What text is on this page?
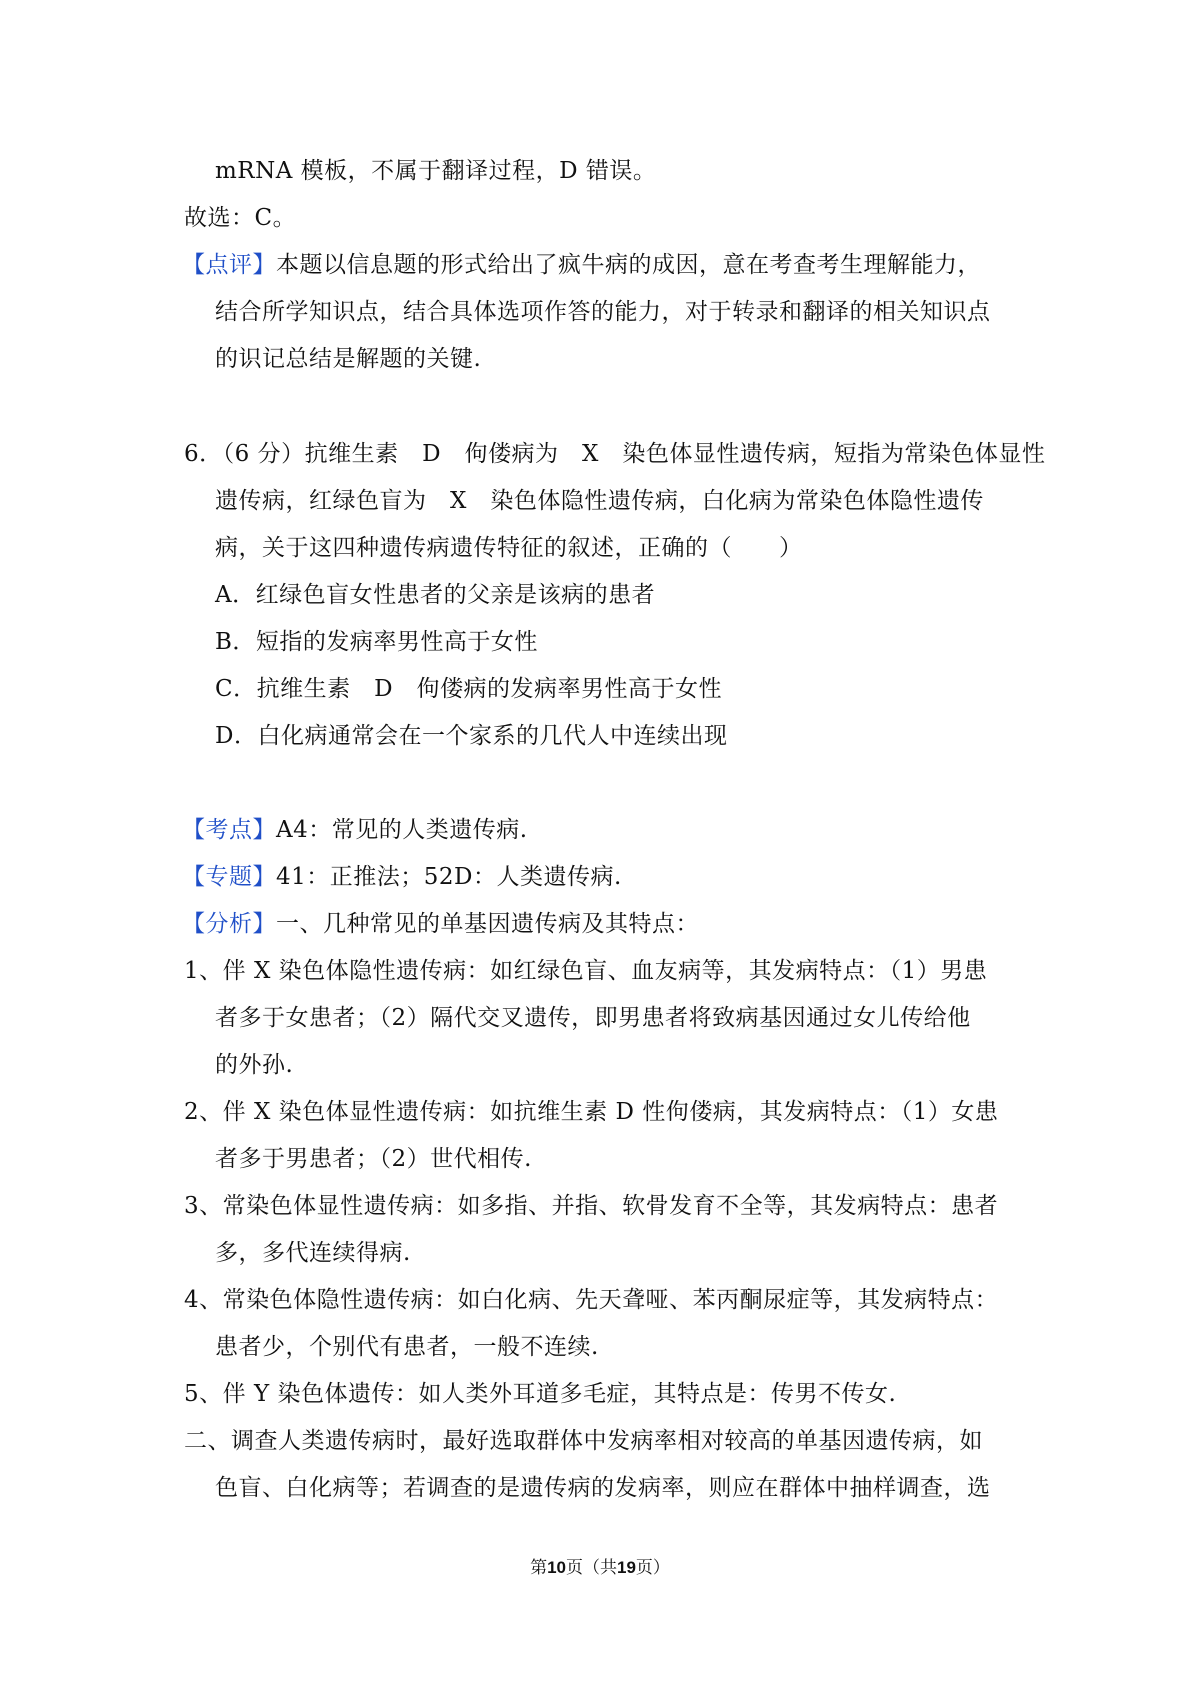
mRNA 模板，不属于翻译过程，D 错误。
故选：C。
【点评】本题以信息题的形式给出了疯牛病的成因，意在考查考生理解能力，
结合所学知识点，结合具体选项作答的能力，对于转录和翻译的相关知识点
的识记总结是解题的关键.
6．（6 分）抗维生素　D　佝偻病为　X　染色体显性遗传病，短指为常染色体显性
遗传病，红绿色盲为　X　染色体隐性遗传病，白化病为常染色体隐性遗传
病，关于这四种遗传病遗传特征的叙述，正确的（　　）
A．红绿色盲女性患者的父亲是该病的患者
B．短指的发病率男性高于女性
C．抗维生素　D　佝偻病的发病率男性高于女性
D．白化病通常会在一个家系的几代人中连续出现
【考点】A4：常见的人类遗传病.
【专题】41：正推法；52D：人类遗传病.
【分析】一、几种常见的单基因遗传病及其特点：
1、伴 X 染色体隐性遗传病：如红绿色盲、血友病等，其发病特点：（1）男患
者多于女患者；（2）隔代交叉遗传，即男患者将致病基因通过女儿传给他
的外孙.
2、伴 X 染色体显性遗传病：如抗维生素 D 性佝偻病，其发病特点：（1）女患
者多于男患者；（2）世代相传.
3、常染色体显性遗传病：如多指、并指、软骨发育不全等，其发病特点：患者
多，多代连续得病.
4、常染色体隐性遗传病：如白化病、先天聋哑、苯丙酮尿症等，其发病特点：
患者少，个别代有患者，一般不连续.
5、伴 Y 染色体遗传：如人类外耳道多毛症，其特点是：传男不传女.
二、调查人类遗传病时，最好选取群体中发病率相对较高的单基因遗传病，如
色盲、白化病等；若调查的是遗传病的发病率，则应在群体中抽样调查，选
第10页（共19页）
